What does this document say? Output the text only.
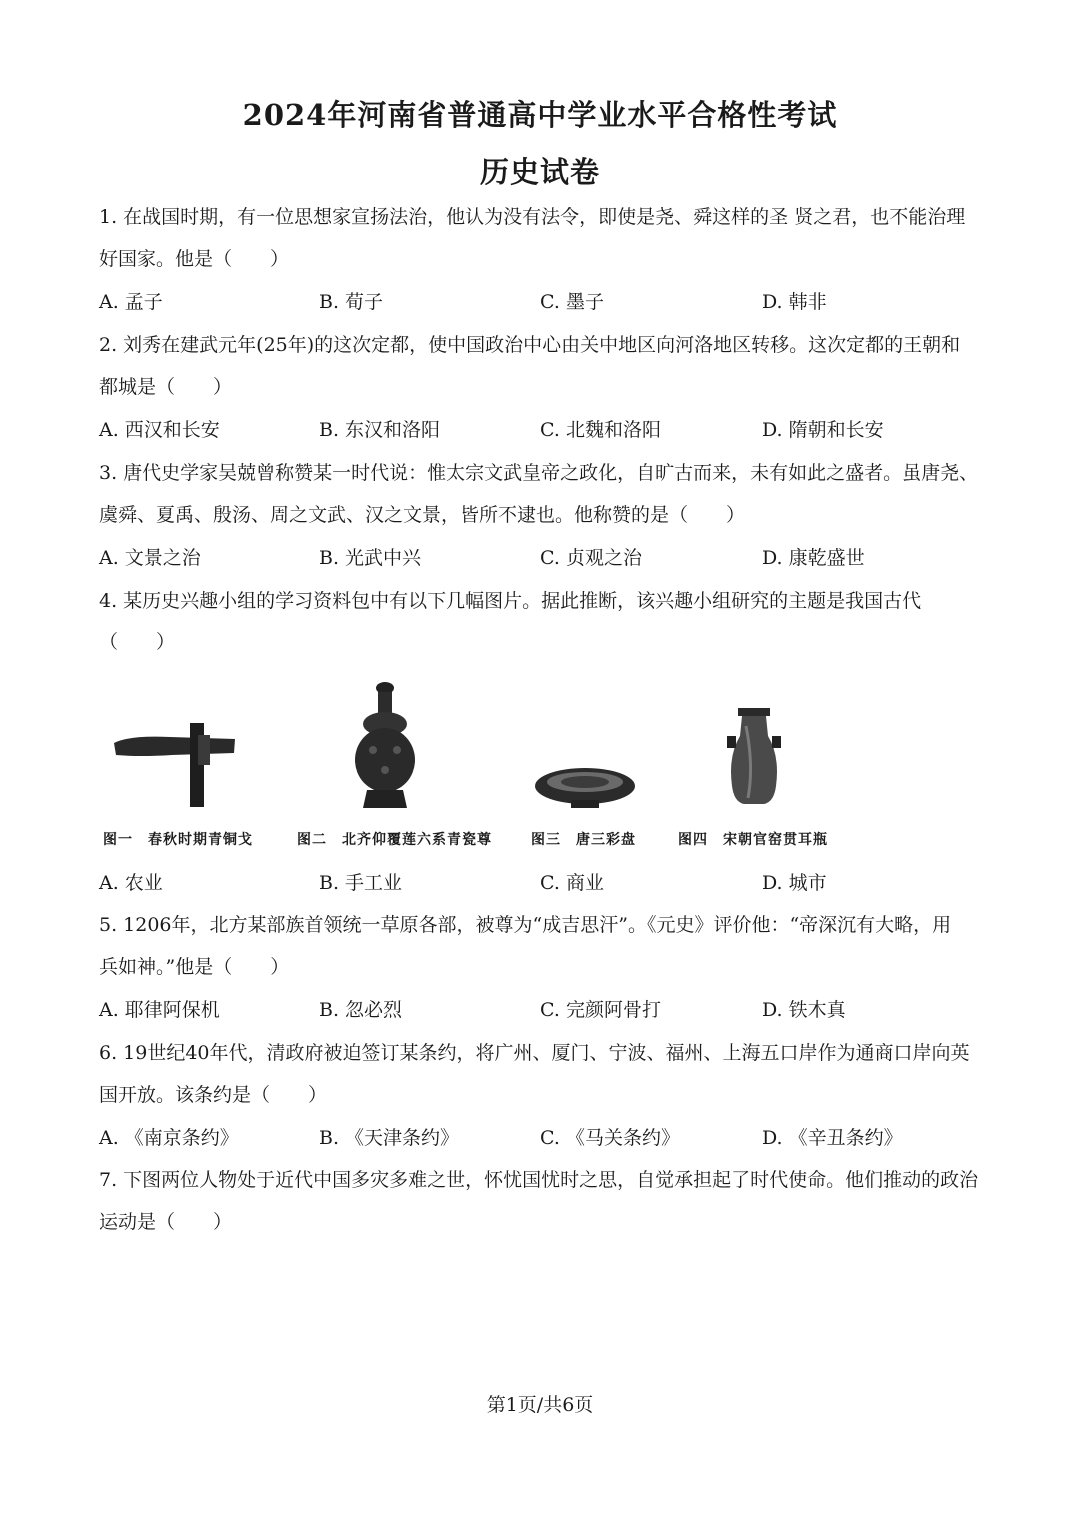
2024年河南省普通高中学业水平合格性考试
历史试卷
1. 在战国时期，有一位思想家宣扬法治，他认为没有法令，即使是尧、舜这样的圣 贤之君，也不能治理
好国家。他是（　　）
A. 孟子	B. 荀子	C. 墨子	D. 韩非
2. 刘秀在建武元年(25年)的这次定都，使中国政治中心由关中地区向河洛地区转移。这次定都的王朝和
都城是（　　）
A. 西汉和长安	B. 东汉和洛阳	C. 北魏和洛阳	D. 隋朝和长安
3. 唐代史学家吴兢曾称赞某一时代说：惟太宗文武皇帝之政化，自旷古而来，未有如此之盛者。虽唐尧、
虞舜、夏禹、殷汤、周之文武、汉之文景，皆所不逮也。他称赞的是（　　）
A. 文景之治	B. 光武中兴	C. 贞观之治	D. 康乾盛世
4. 某历史兴趣小组的学习资料包中有以下几幅图片。据此推断，该兴趣小组研究的主题是我国古代
（　　）
图一　春秋时期青铜戈	图二　北齐仰覆莲六系青瓷尊	图三　唐三彩盘	图四　宋朝官窑贯耳瓶
A. 农业	B. 手工业	C. 商业	D. 城市
5. 1206年，北方某部族首领统一草原各部，被尊为“成吉思汗”。《元史》评价他：“帝深沉有大略，用
兵如神。”他是（　　）
A. 耶律阿保机	B. 忽必烈	C. 完颜阿骨打	D. 铁木真
6. 19世纪40年代，清政府被迫签订某条约，将广州、厦门、宁波、福州、上海五口岸作为通商口岸向英
国开放。该条约是（　　）
A. 《南京条约》	B. 《天津条约》	C. 《马关条约》	D. 《辛丑条约》
7. 下图两位人物处于近代中国多灾多难之世，怀忧国忧时之思，自觉承担起了时代使命。他们推动的政治
运动是（　　）
第1页/共6页
